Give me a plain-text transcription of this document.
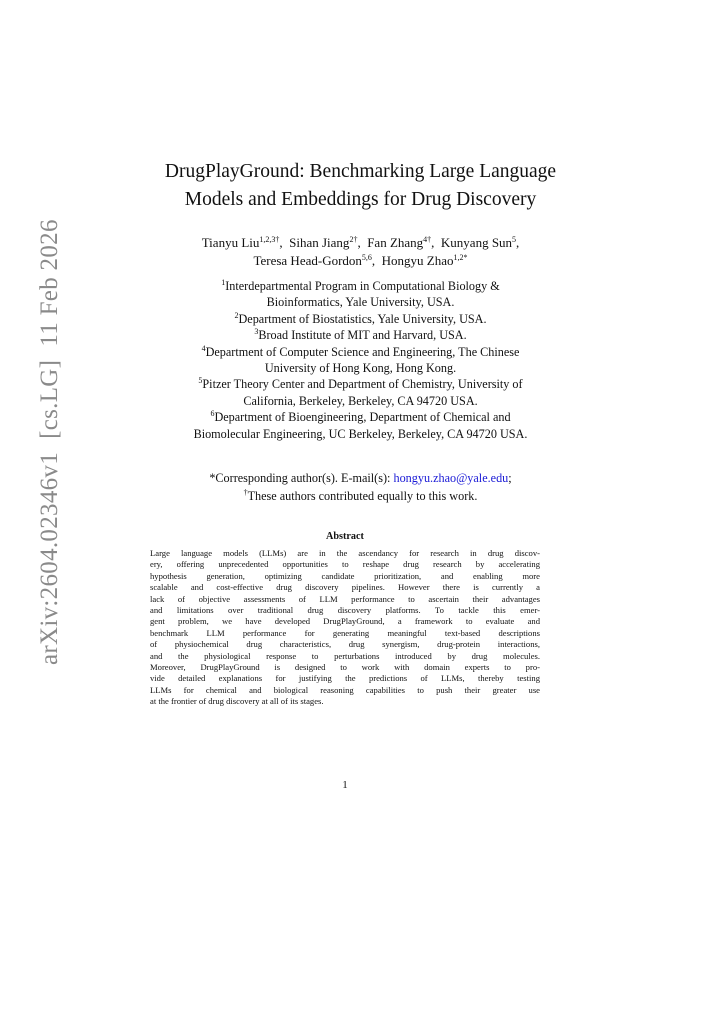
arXiv:2604.02346v1  [cs.LG]  11 Feb 2026
DrugPlayGround: Benchmarking Large Language
Models and Embeddings for Drug Discovery
Tianyu Liu$^{1,2,3\dagger}$,  Sihan Jiang$^{2\dagger}$,  Fan Zhang$^{4\dagger}$,  Kunyang Sun$^5$,
Teresa Head-Gordon$^{5,6}$,  Hongyu Zhao$^{1,2*}$
$^1$Interdepartmental Program in Computational Biology &
Bioinformatics, Yale University, USA.
$^2$Department of Biostatistics, Yale University, USA.
$^3$Broad Institute of MIT and Harvard, USA.
$^4$Department of Computer Science and Engineering, The Chinese
University of Hong Kong, Hong Kong.
$^5$Pitzer Theory Center and Department of Chemistry, University of
California, Berkeley, Berkeley, CA 94720 USA.
$^6$Department of Bioengineering, Department of Chemical and
Biomolecular Engineering, UC Berkeley, Berkeley, CA 94720 USA.
*Corresponding author(s). E-mail(s): hongyu.zhao@yale.edu;
†These authors contributed equally to this work.
Abstract
Large language models (LLMs) are in the ascendancy for research in drug discov-
ery, offering unprecedented opportunities to reshape drug research by accelerating
hypothesis generation, optimizing candidate prioritization, and enabling more
scalable and cost-effective drug discovery pipelines. However there is currently a
lack of objective assessments of LLM performance to ascertain their advantages
and limitations over traditional drug discovery platforms. To tackle this emer-
gent problem, we have developed DrugPlayGround, a framework to evaluate and
benchmark LLM performance for generating meaningful text-based descriptions
of physiochemical drug characteristics, drug synergism, drug-protein interactions,
and the physiological response to perturbations introduced by drug molecules.
Moreover, DrugPlayGround is designed to work with domain experts to pro-
vide detailed explanations for justifying the predictions of LLMs, thereby testing
LLMs for chemical and biological reasoning capabilities to push their greater use
at the frontier of drug discovery at all of its stages.
1
